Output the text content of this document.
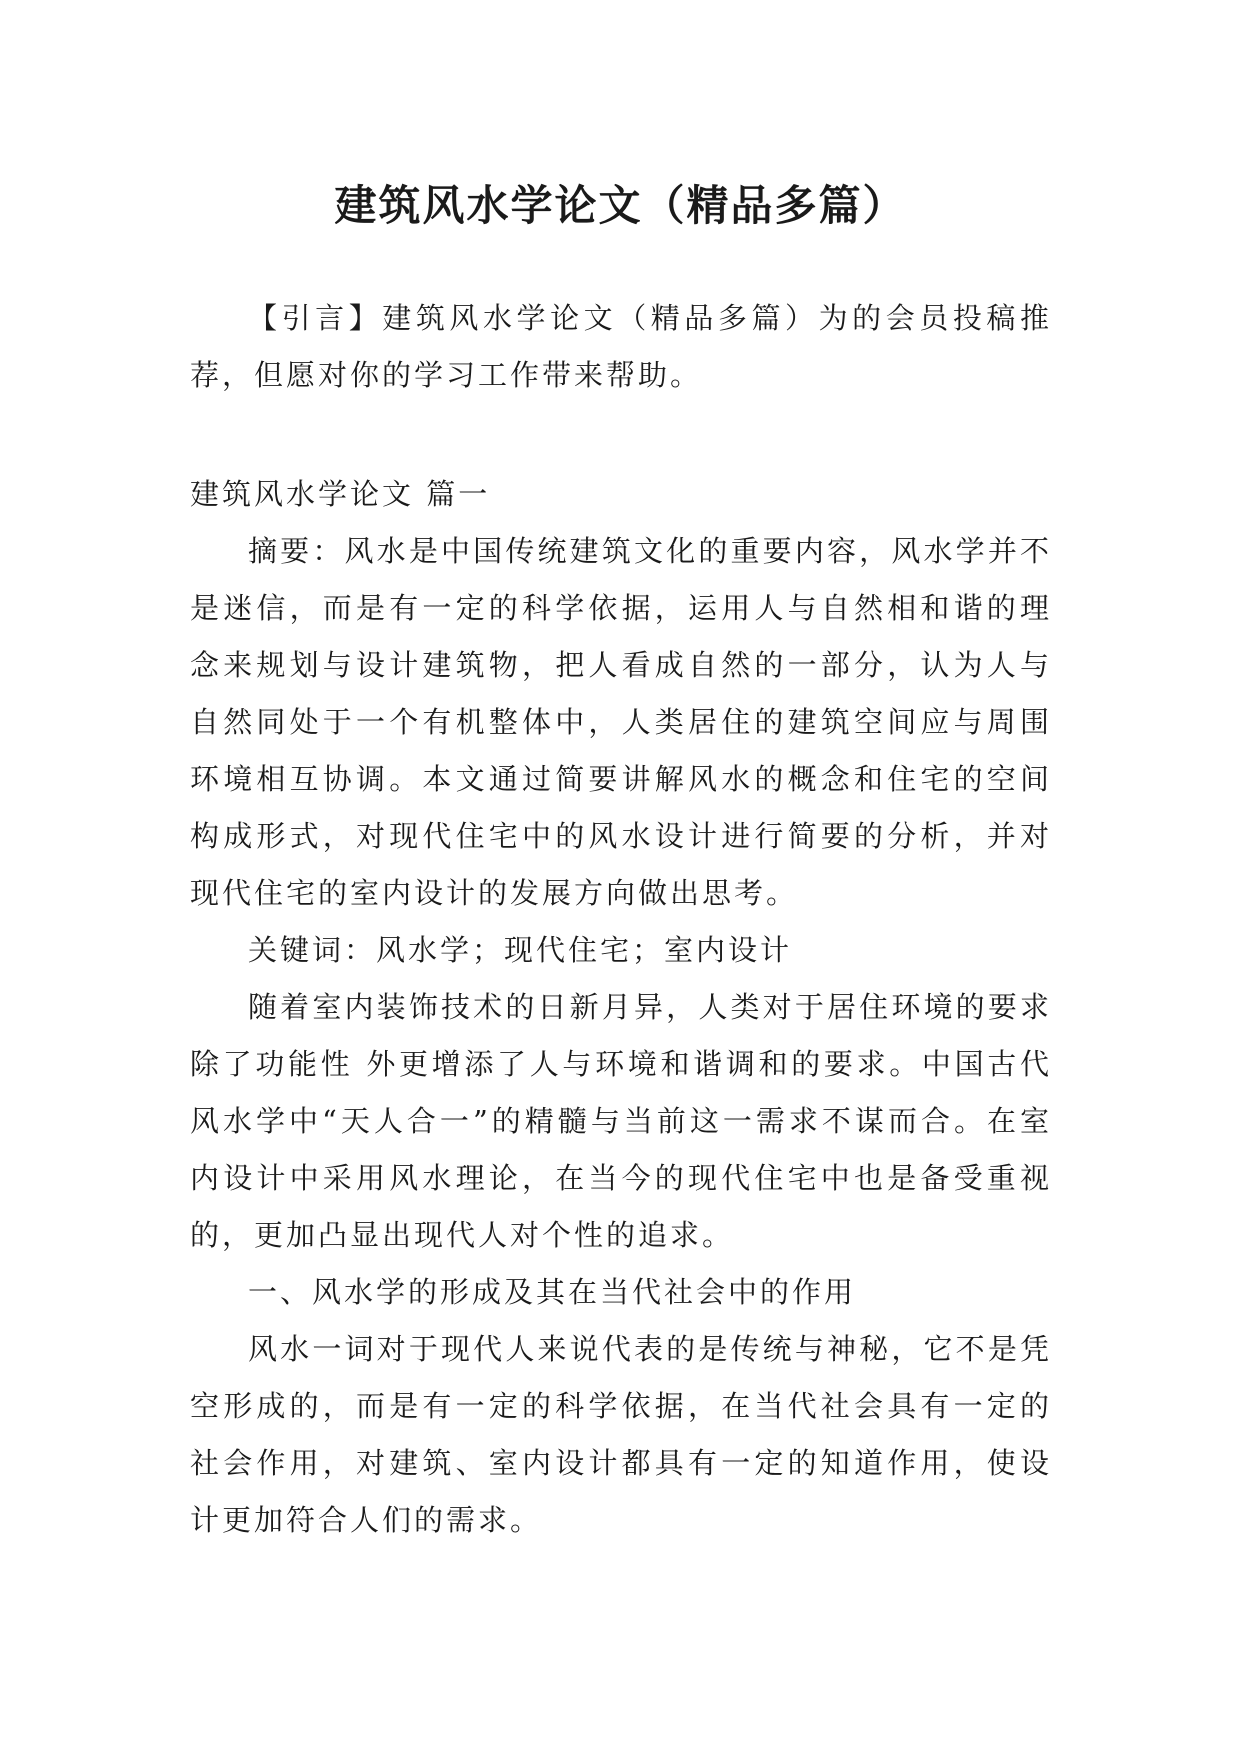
建筑风水学论文（精品多篇）

【引言】建筑风水学论文（精品多篇）为的会员投稿推荐，但愿对你的学习工作带来帮助。

建筑风水学论文 篇一

摘要：风水是中国传统建筑文化的重要内容，风水学并不是迷信，而是有一定的科学依据，运用人与自然相和谐的理念来规划与设计建筑物，把人看成自然的一部分，认为人与自然同处于一个有机整体中，人类居住的建筑空间应与周围环境相互协调。本文通过简要讲解风水的概念和住宅的空间构成形式，对现代住宅中的风水设计进行简要的分析，并对现代住宅的室内设计的发展方向做出思考。

关键词：风水学；现代住宅；室内设计

随着室内装饰技术的日新月异，人类对于居住环境的要求除了功能性 外更增添了人与环境和谐调和的要求。中国古代风水学中“天人合一”的精髓与当前这一需求不谋而合。在室内设计中采用风水理论，在当今的现代住宅中也是备受重视的，更加凸显出现代人对个性的追求。

一、风水学的形成及其在当代社会中的作用

风水一词对于现代人来说代表的是传统与神秘，它不是凭空形成的，而是有一定的科学依据，在当代社会具有一定的社会作用，对建筑、室内设计都具有一定的知道作用，使设计更加符合人们的需求。
